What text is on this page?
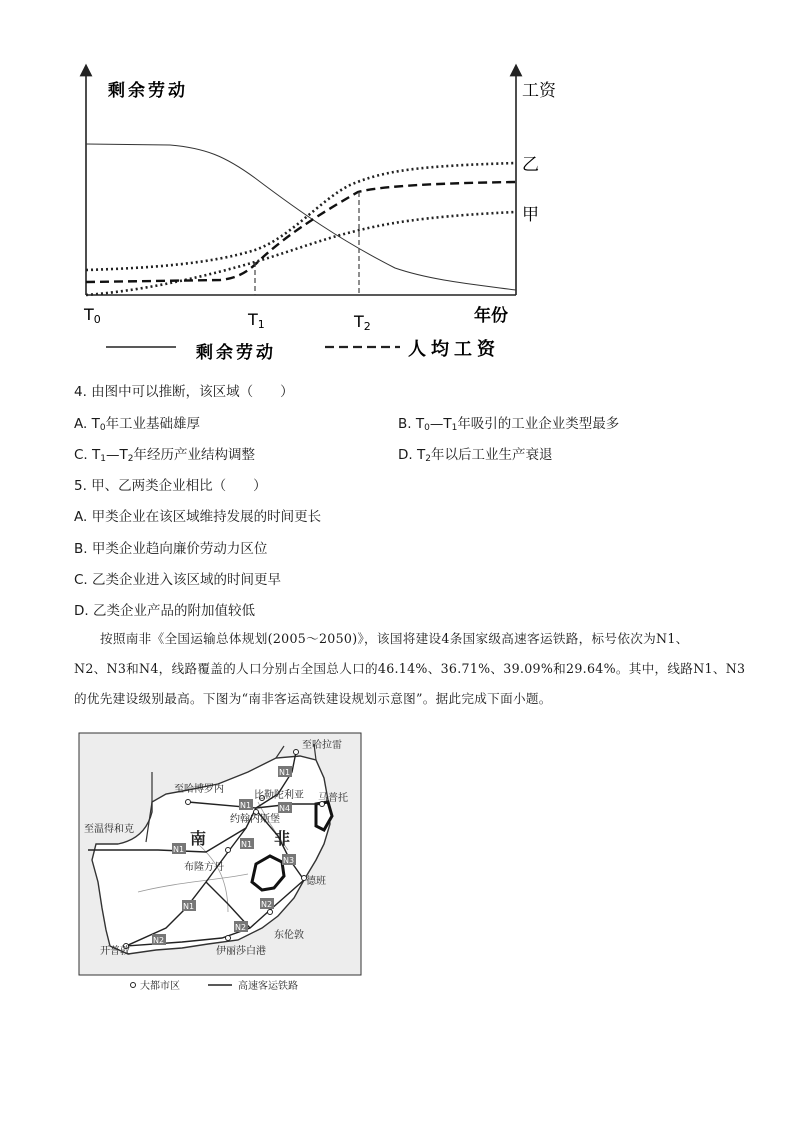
剩余劳动	工资
年份
T0	T1	T2
乙
甲
剩余劳动	人均工资
4. 由图中可以推断，该区域（　　）
A. $T_0$年工业基础雄厚	B. $T_0—T_1$年吸引的工业企业类型最多
C. $T_1—T_2$年经历产业结构调整	D. $T_2$年以后工业生产衰退
5. 甲、乙两类企业相比（　　）
A. 甲类企业在该区域维持发展的时间更长
B. 甲类企业趋向廉价劳动力区位
C. 乙类企业进入该区域的时间更早
D. 乙类企业产品的附加值较低
按照南非《全国运输总体规划(2005～2050)》，该国将建设4条国家级高速客运铁路，标号依次为N1、
N2、N3和N4，线路覆盖的人口分别占全国总人口的46.14%、36.71%、39.09%和29.64%。其中，线路N1、N3
的优先建设级别最高。下图为“南非客运高铁建设规划示意图”。据此完成下面小题。
N1
N1	N4
N1
N1
N3
N1	N2
N2
N2
至哈拉雷
至哈博罗内
比勒陀利亚 马普托
约翰内斯堡
至温得和克
布隆方丹
德班
东伦敦
伊丽莎白港
开普敦
南	非
大都市区	高速客运铁路
